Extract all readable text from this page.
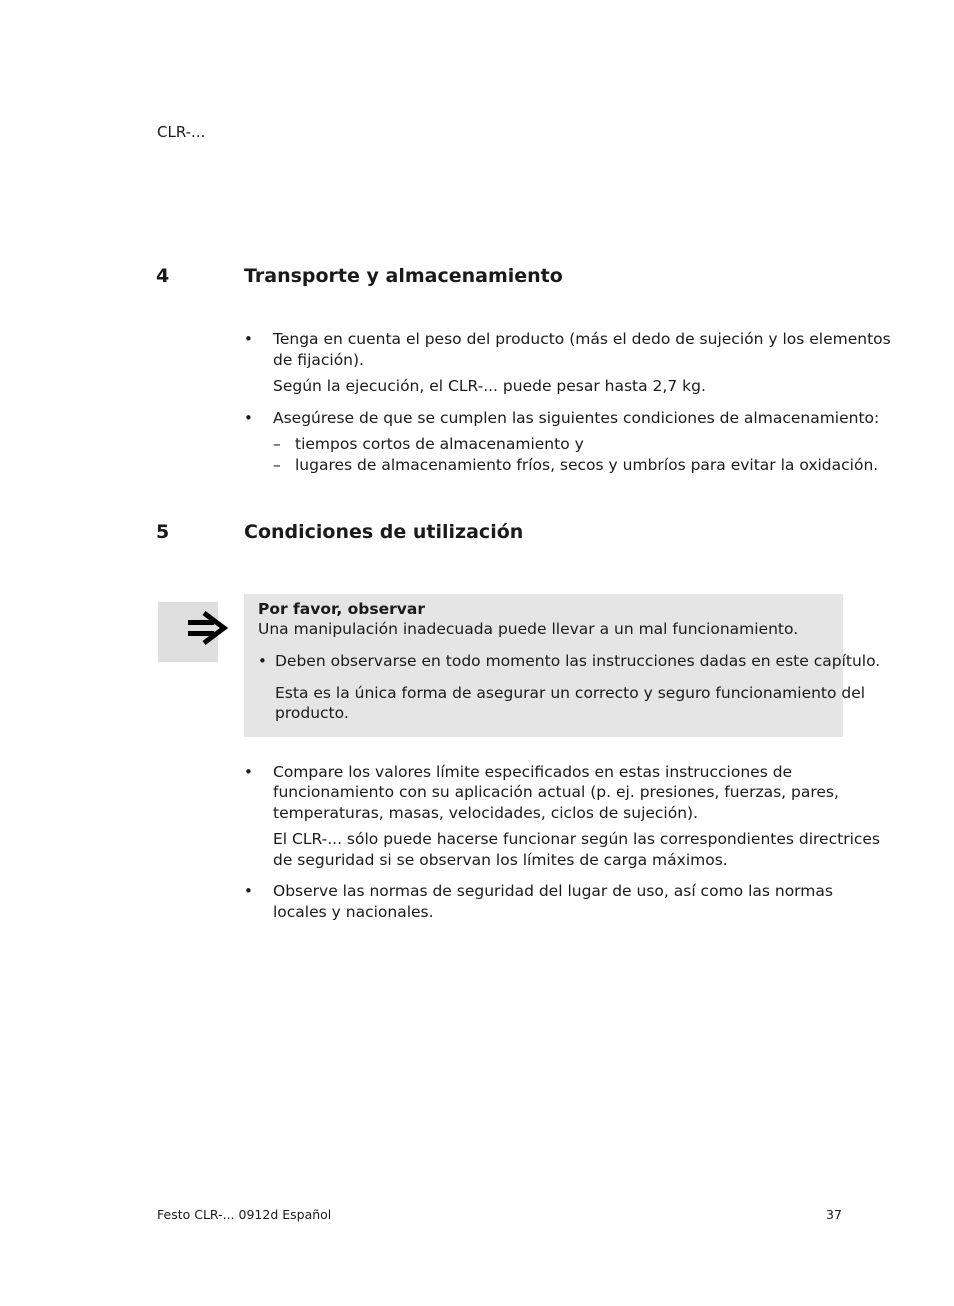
CLR-...
4	Transporte y almacenamiento
• Tenga en cuenta el peso del producto (más el dedo de sujeción y los elementos
de fijación).
Según la ejecución, el CLR-... puede pesar hasta 2,7 kg.
• Asegúrese de que se cumplen las siguientes condiciones de almacenamiento:
– tiempos cortos de almacenamiento y
– lugares de almacenamiento fríos, secos y umbríos para evitar la oxidación.
5	Condiciones de utilización
Por favor, observar
Una manipulación inadecuada puede llevar a un mal funcionamiento.
• Deben observarse en todo momento las instrucciones dadas en este capítulo.
Esta es la única forma de asegurar un correcto y seguro funcionamiento del
producto.
• Compare los valores límite especificados en estas instrucciones de
funcionamiento con su aplicación actual (p. ej. presiones, fuerzas, pares,
temperaturas, masas, velocidades, ciclos de sujeción).
El CLR-... sólo puede hacerse funcionar según las correspondientes directrices
de seguridad si se observan los límites de carga máximos.
• Observe las normas de seguridad del lugar de uso, así como las normas
locales y nacionales.
Festo CLR-... 0912d Español	37
